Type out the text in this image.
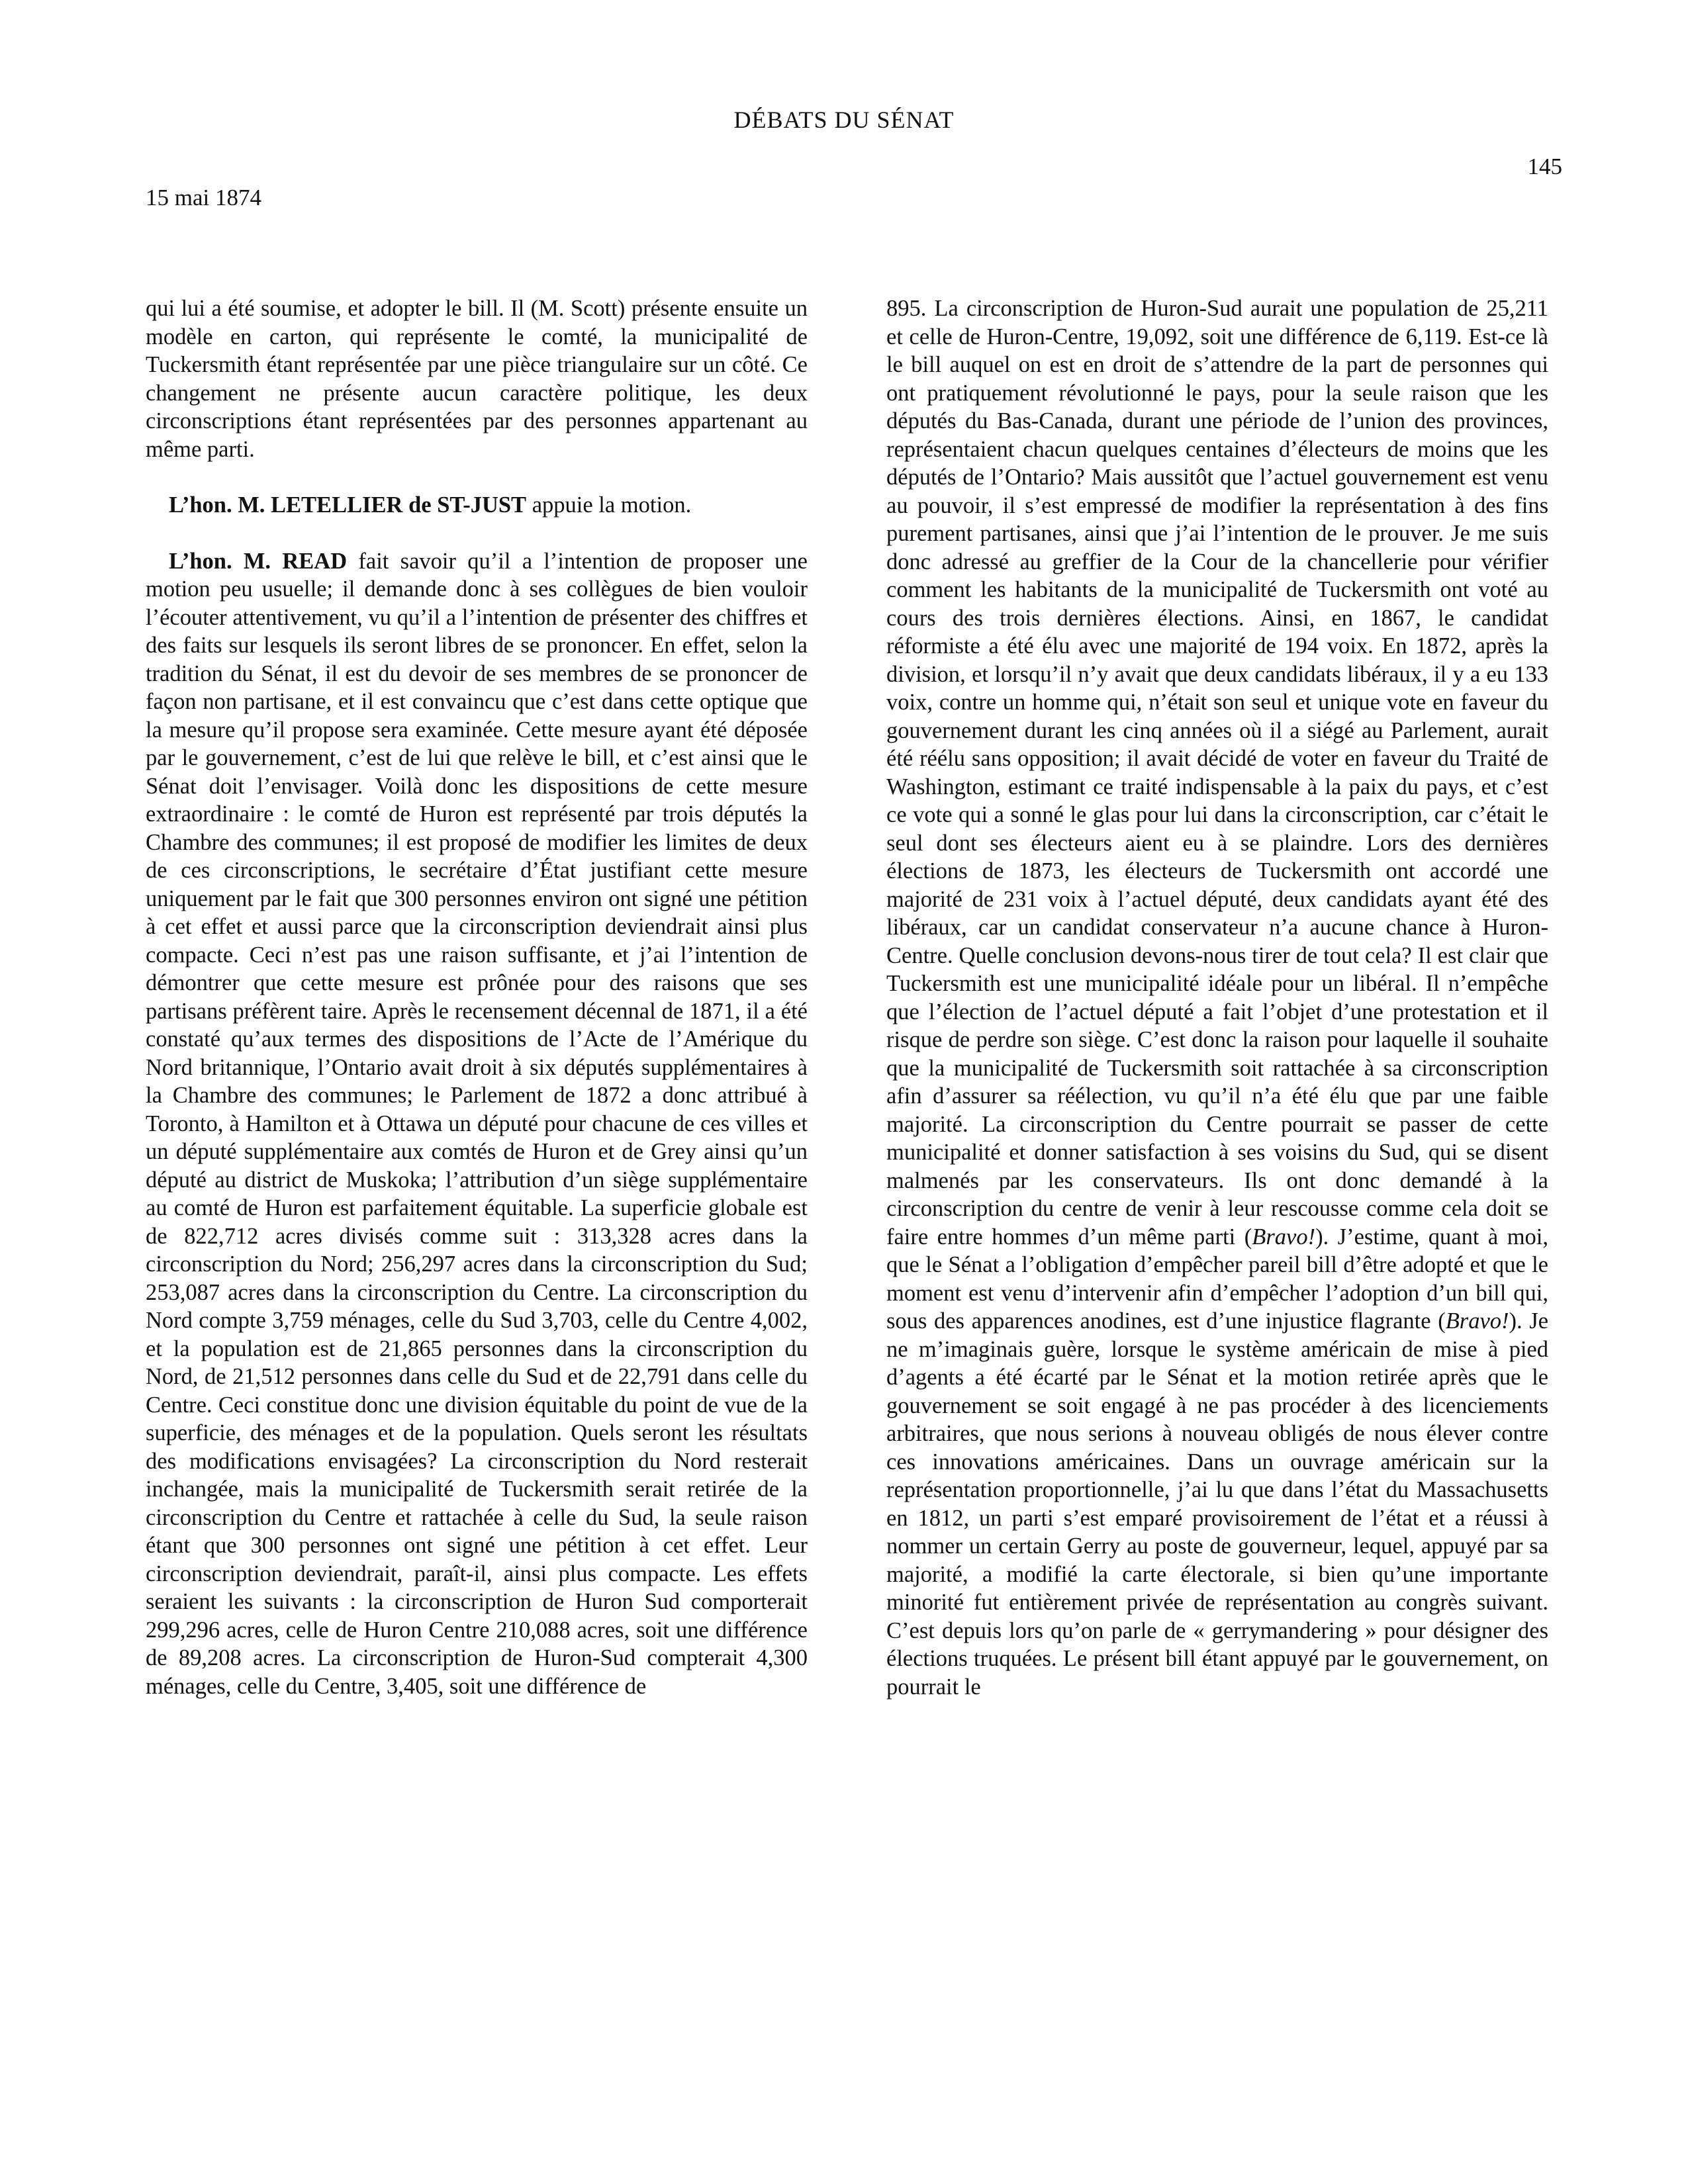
DÉBATS DU SÉNAT
145
15 mai 1874

qui lui a été soumise, et adopter le bill. Il (M. Scott) présente ensuite un modèle en carton, qui représente le comté, la municipalité de Tuckersmith étant représentée par une pièce triangulaire sur un côté. Ce changement ne présente aucun caractère politique, les deux circonscriptions étant représentées par des personnes appartenant au même parti.

L’hon. M. LETELLIER de ST-JUST appuie la motion.

L’hon. M. READ fait savoir qu’il a l’intention de proposer une motion peu usuelle; il demande donc à ses collègues de bien vouloir l’écouter attentivement, vu qu’il a l’intention de présenter des chiffres et des faits sur lesquels ils seront libres de se prononcer. En effet, selon la tradition du Sénat, il est du devoir de ses membres de se prononcer de façon non partisane, et il est convaincu que c’est dans cette optique que la mesure qu’il propose sera examinée. Cette mesure ayant été déposée par le gouvernement, c’est de lui que relève le bill, et c’est ainsi que le Sénat doit l’envisager. Voilà donc les dispositions de cette mesure extraordinaire : le comté de Huron est représenté par trois députés la Chambre des communes; il est proposé de modifier les limites de deux de ces circonscriptions, le secrétaire d’État justifiant cette mesure uniquement par le fait que 300 personnes environ ont signé une pétition à cet effet et aussi parce que la circonscription deviendrait ainsi plus compacte. Ceci n’est pas une raison suffisante, et j’ai l’intention de démontrer que cette mesure est prônée pour des raisons que ses partisans préfèrent taire. Après le recensement décennal de 1871, il a été constaté qu’aux termes des dispositions de l’Acte de l’Amérique du Nord britannique, l’Ontario avait droit à six députés supplémentaires à la Chambre des communes; le Parlement de 1872 a donc attribué à Toronto, à Hamilton et à Ottawa un député pour chacune de ces villes et un député supplémentaire aux comtés de Huron et de Grey ainsi qu’un député au district de Muskoka; l’attribution d’un siège supplémentaire au comté de Huron est parfaitement équitable. La superficie globale est de 822,712 acres divisés comme suit : 313,328 acres dans la circonscription du Nord; 256,297 acres dans la circonscription du Sud; 253,087 acres dans la circonscription du Centre. La circonscription du Nord compte 3,759 ménages, celle du Sud 3,703, celle du Centre 4,002, et la population est de 21,865 personnes dans la circonscription du Nord, de 21,512 personnes dans celle du Sud et de 22,791 dans celle du Centre. Ceci constitue donc une division équitable du point de vue de la superficie, des ménages et de la population. Quels seront les résultats des modifications envisagées? La circonscription du Nord resterait inchangée, mais la municipalité de Tuckersmith serait retirée de la circonscription du Centre et rattachée à celle du Sud, la seule raison étant que 300 personnes ont signé une pétition à cet effet. Leur circonscription deviendrait, paraît-il, ainsi plus compacte. Les effets seraient les suivants : la circonscription de Huron Sud comporterait 299,296 acres, celle de Huron Centre 210,088 acres, soit une différence de 89,208 acres. La circonscription de Huron-Sud compterait 4,300 ménages, celle du Centre, 3,405, soit une différence de

895. La circonscription de Huron-Sud aurait une population de 25,211 et celle de Huron-Centre, 19,092, soit une différence de 6,119. Est-ce là le bill auquel on est en droit de s’attendre de la part de personnes qui ont pratiquement révolutionné le pays, pour la seule raison que les députés du Bas-Canada, durant une période de l’union des provinces, représentaient chacun quelques centaines d’électeurs de moins que les députés de l’Ontario? Mais aussitôt que l’actuel gouvernement est venu au pouvoir, il s’est empressé de modifier la représentation à des fins purement partisanes, ainsi que j’ai l’intention de le prouver. Je me suis donc adressé au greffier de la Cour de la chancellerie pour vérifier comment les habitants de la municipalité de Tuckersmith ont voté au cours des trois dernières élections. Ainsi, en 1867, le candidat réformiste a été élu avec une majorité de 194 voix. En 1872, après la division, et lorsqu’il n’y avait que deux candidats libéraux, il y a eu 133 voix, contre un homme qui, n’était son seul et unique vote en faveur du gouvernement durant les cinq années où il a siégé au Parlement, aurait été réélu sans opposition; il avait décidé de voter en faveur du Traité de Washington, estimant ce traité indispensable à la paix du pays, et c’est ce vote qui a sonné le glas pour lui dans la circonscription, car c’était le seul dont ses électeurs aient eu à se plaindre. Lors des dernières élections de 1873, les électeurs de Tuckersmith ont accordé une majorité de 231 voix à l’actuel député, deux candidats ayant été des libéraux, car un candidat conservateur n’a aucune chance à Huron-Centre. Quelle conclusion devons-nous tirer de tout cela? Il est clair que Tuckersmith est une municipalité idéale pour un libéral. Il n’empêche que l’élection de l’actuel député a fait l’objet d’une protestation et il risque de perdre son siège. C’est donc la raison pour laquelle il souhaite que la municipalité de Tuckersmith soit rattachée à sa circonscription afin d’assurer sa réélection, vu qu’il n’a été élu que par une faible majorité. La circonscription du Centre pourrait se passer de cette municipalité et donner satisfaction à ses voisins du Sud, qui se disent malmenés par les conservateurs. Ils ont donc demandé à la circonscription du centre de venir à leur rescousse comme cela doit se faire entre hommes d’un même parti (Bravo!). J’estime, quant à moi, que le Sénat a l’obligation d’empêcher pareil bill d’être adopté et que le moment est venu d’intervenir afin d’empêcher l’adoption d’un bill qui, sous des apparences anodines, est d’une injustice flagrante (Bravo!). Je ne m’imaginais guère, lorsque le système américain de mise à pied d’agents a été écarté par le Sénat et la motion retirée après que le gouvernement se soit engagé à ne pas procéder à des licenciements arbitraires, que nous serions à nouveau obligés de nous élever contre ces innovations américaines. Dans un ouvrage américain sur la représentation proportionnelle, j’ai lu que dans l’état du Massachusetts en 1812, un parti s’est emparé provisoirement de l’état et a réussi à nommer un certain Gerry au poste de gouverneur, lequel, appuyé par sa majorité, a modifié la carte électorale, si bien qu’une importante minorité fut entièrement privée de représentation au congrès suivant. C’est depuis lors qu’on parle de « gerrymandering » pour désigner des élections truquées. Le présent bill étant appuyé par le gouvernement, on pourrait le
